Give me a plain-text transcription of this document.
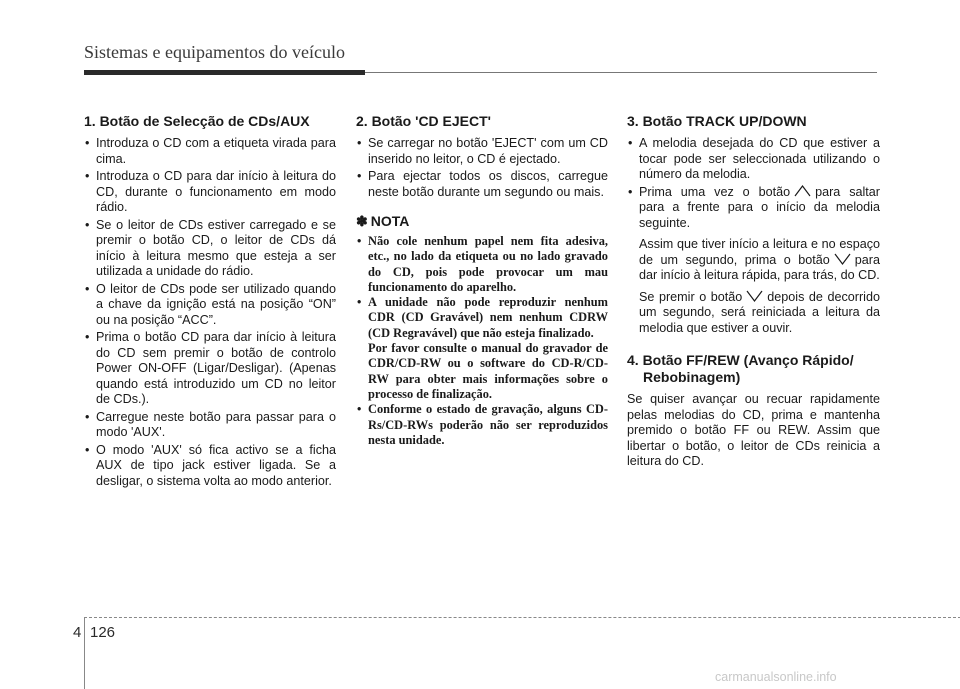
Sistemas e equipamentos do veículo
1. Botão de Selecção de CDs/AUX
• Introduza o CD com a etiqueta virada para cima.
• Introduza o CD para dar início à leitura do CD, durante o funcionamento em modo rádio.
• Se o leitor de CDs estiver carregado e se premir o botão CD, o leitor de CDs dá início à leitura mesmo que esteja a ser utilizada a unidade do rádio.
• O leitor de CDs pode ser utilizado quando a chave da ignição está na posição “ON” ou na posição “ACC”.
• Prima o botão CD para dar início à leitura do CD sem premir o botão de controlo Power ON-OFF (Ligar/Desligar). (Apenas quando está introduzido um CD no leitor de CDs.).
• Carregue neste botão para passar para o modo 'AUX'.
• O modo 'AUX' só fica activo se a ficha AUX de tipo jack estiver ligada. Se a desligar, o sistema volta ao modo anterior.
2. Botão 'CD EJECT'
• Se carregar no botão 'EJECT' com um CD inserido no leitor, o CD é ejectado.
• Para ejectar todos os discos, carregue neste botão durante um segundo ou mais.
✽ NOTA
• Não cole nenhum papel nem fita adesiva, etc., no lado da etiqueta ou no lado gravado do CD, pois pode provocar um mau funcionamento do aparelho.
• A unidade não pode reproduzir nenhum CDR (CD Gravável) nem nenhum CDRW (CD Regravável) que não esteja finalizado.
Por favor consulte o manual do gravador de CDR/CD-RW ou o software do CD-R/CD-RW para obter mais informações sobre o processo de finalização.
• Conforme o estado de gravação, alguns CD-Rs/CD-RWs poderão não ser reproduzidos nesta unidade.
3. Botão TRACK UP/DOWN
• A melodia desejada do CD que estiver a tocar pode ser seleccionada utilizando o número da melodia.
• Prima uma vez o botão para saltar para a frente para o início da melodia seguinte.
Assim que tiver início a leitura e no espaço de um segundo, prima o botão para dar início à leitura rápida, para trás, do CD.
Se premir o botão depois de decorrido um segundo, será reiniciada a leitura da melodia que estiver a ouvir.
4. Botão FF/REW (Avanço Rápido/ Rebobinagem)

Se quiser avançar ou recuar rapidamente pelas melodias do CD, prima e mantenha premido o botão FF ou REW. Assim que libertar o botão, o leitor de CDs reinicia a leitura do CD.

4 126
carmanualsonline.info
